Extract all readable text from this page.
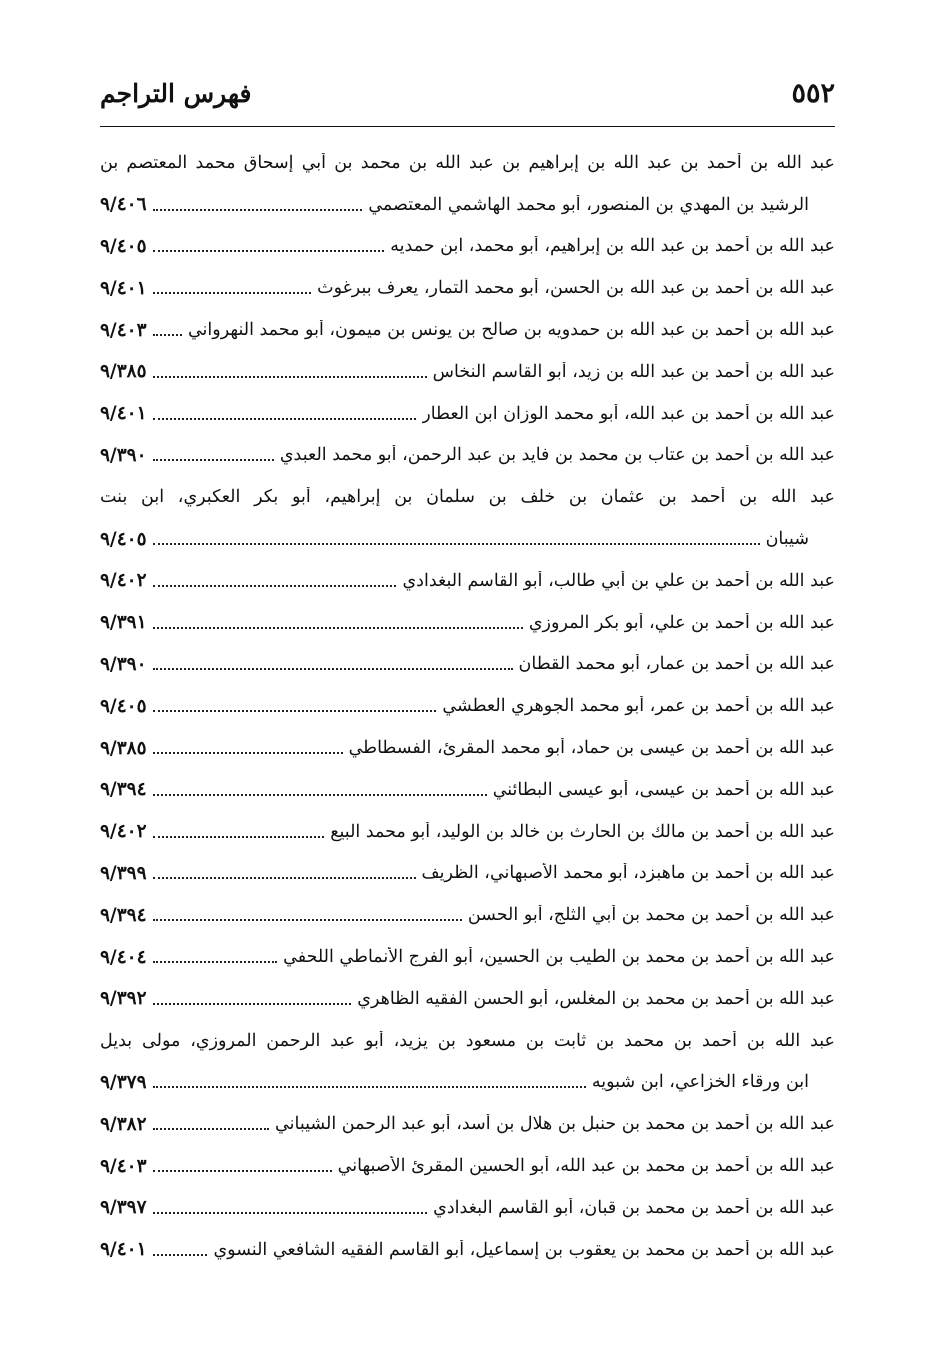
٥٥٢
فهرس التراجم
عبد الله بن أحمد بن عبد الله بن إبراهيم بن عبد الله بن محمد بن أبي إسحاق محمد المعتصم بن
الرشيد بن المهدي بن المنصور، أبو محمد الهاشمي المعتصمي
٩/٤٠٦
عبد الله بن أحمد بن عبد الله بن إبراهيم، أبو محمد، ابن حمديه
٩/٤٠٥
عبد الله بن أحمد بن عبد الله بن الحسن، أبو محمد التمار، يعرف ببرغوث
٩/٤٠١
عبد الله بن أحمد بن عبد الله بن حمدويه بن صالح بن يونس بن ميمون، أبو محمد النهرواني
٩/٤٠٣
عبد الله بن أحمد بن عبد الله بن زيد، أبو القاسم النخاس
٩/٣٨٥
عبد الله بن أحمد بن عبد الله، أبو محمد الوزان ابن العطار
٩/٤٠١
عبد الله بن أحمد بن عتاب بن محمد بن فايد بن عبد الرحمن، أبو محمد العبدي
٩/٣٩٠
عبد الله بن أحمد بن عثمان بن خلف بن سلمان بن إبراهيم، أبو بكر العكبري، ابن بنت
شيبان
٩/٤٠٥
عبد الله بن أحمد بن علي بن أبي طالب، أبو القاسم البغدادي
٩/٤٠٢
عبد الله بن أحمد بن علي، أبو بكر المروزي
٩/٣٩١
عبد الله بن أحمد بن عمار، أبو محمد القطان
٩/٣٩٠
عبد الله بن أحمد بن عمر، أبو محمد الجوهري العطشي
٩/٤٠٥
عبد الله بن أحمد بن عيسى بن حماد، أبو محمد المقرئ، الفسطاطي
٩/٣٨٥
عبد الله بن أحمد بن عيسى، أبو عيسى البطائني
٩/٣٩٤
عبد الله بن أحمد بن مالك بن الحارث بن خالد بن الوليد، أبو محمد البيع
٩/٤٠٢
عبد الله بن أحمد بن ماهبزد، أبو محمد الأصبهاني، الظريف
٩/٣٩٩
عبد الله بن أحمد بن محمد بن أبي الثلج، أبو الحسن
٩/٣٩٤
عبد الله بن أحمد بن محمد بن الطيب بن الحسين، أبو الفرج الأنماطي اللحفي
٩/٤٠٤
عبد الله بن أحمد بن محمد بن المغلس، أبو الحسن الفقيه الظاهري
٩/٣٩٢
عبد الله بن أحمد بن محمد بن ثابت بن مسعود بن يزيد، أبو عبد الرحمن المروزي، مولى بديل
ابن ورقاء الخزاعي، ابن شبويه
٩/٣٧٩
عبد الله بن أحمد بن محمد بن حنبل بن هلال بن أسد، أبو عبد الرحمن الشيباني
٩/٣٨٢
عبد الله بن أحمد بن محمد بن عبد الله، أبو الحسين المقرئ الأصبهاني
٩/٤٠٣
عبد الله بن أحمد بن محمد بن قبان، أبو القاسم البغدادي
٩/٣٩٧
عبد الله بن أحمد بن محمد بن يعقوب بن إسماعيل، أبو القاسم الفقيه الشافعي النسوي
٩/٤٠١
